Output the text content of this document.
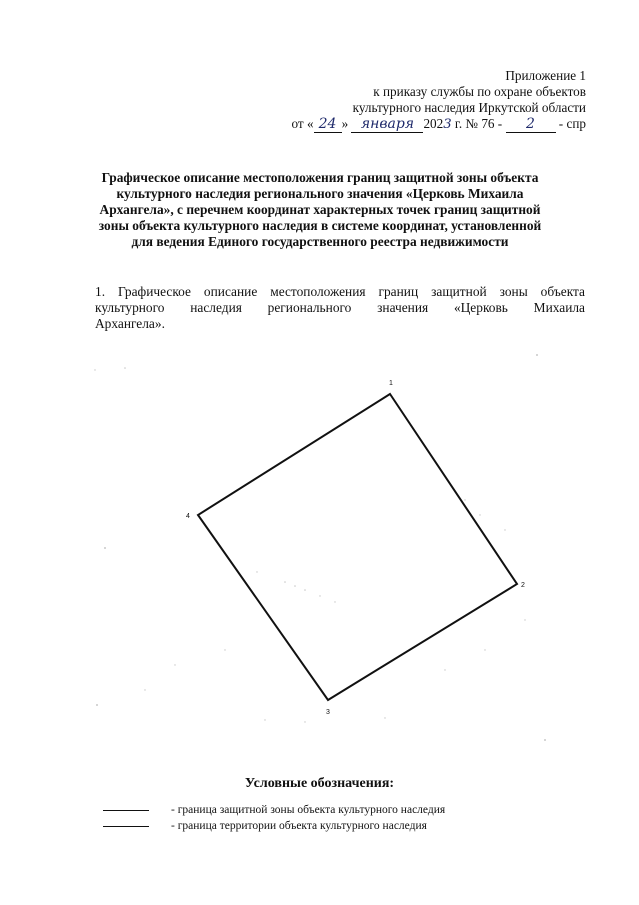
Приложение 1
к приказу службы по охране объектов
культурного наследия Иркутской области
от « 24 » января 2023 г. № 76 - 2 - спр
Графическое описание местоположения границ защитной зоны объекта культурного наследия регионального значения «Церковь Михаила Архангела», с перечнем координат характерных точек границ защитной зоны объекта культурного наследия в системе координат, установленной для ведения Единого государственного реестра недвижимости
1. Графическое описание местоположения границ защитной зоны объекта
культурного наследия регионального значения «Церковь Михаила
Архангела».
1
2
3
4
Условные обозначения:
- граница защитной зоны объекта культурного наследия
- граница территории объекта культурного наследия
